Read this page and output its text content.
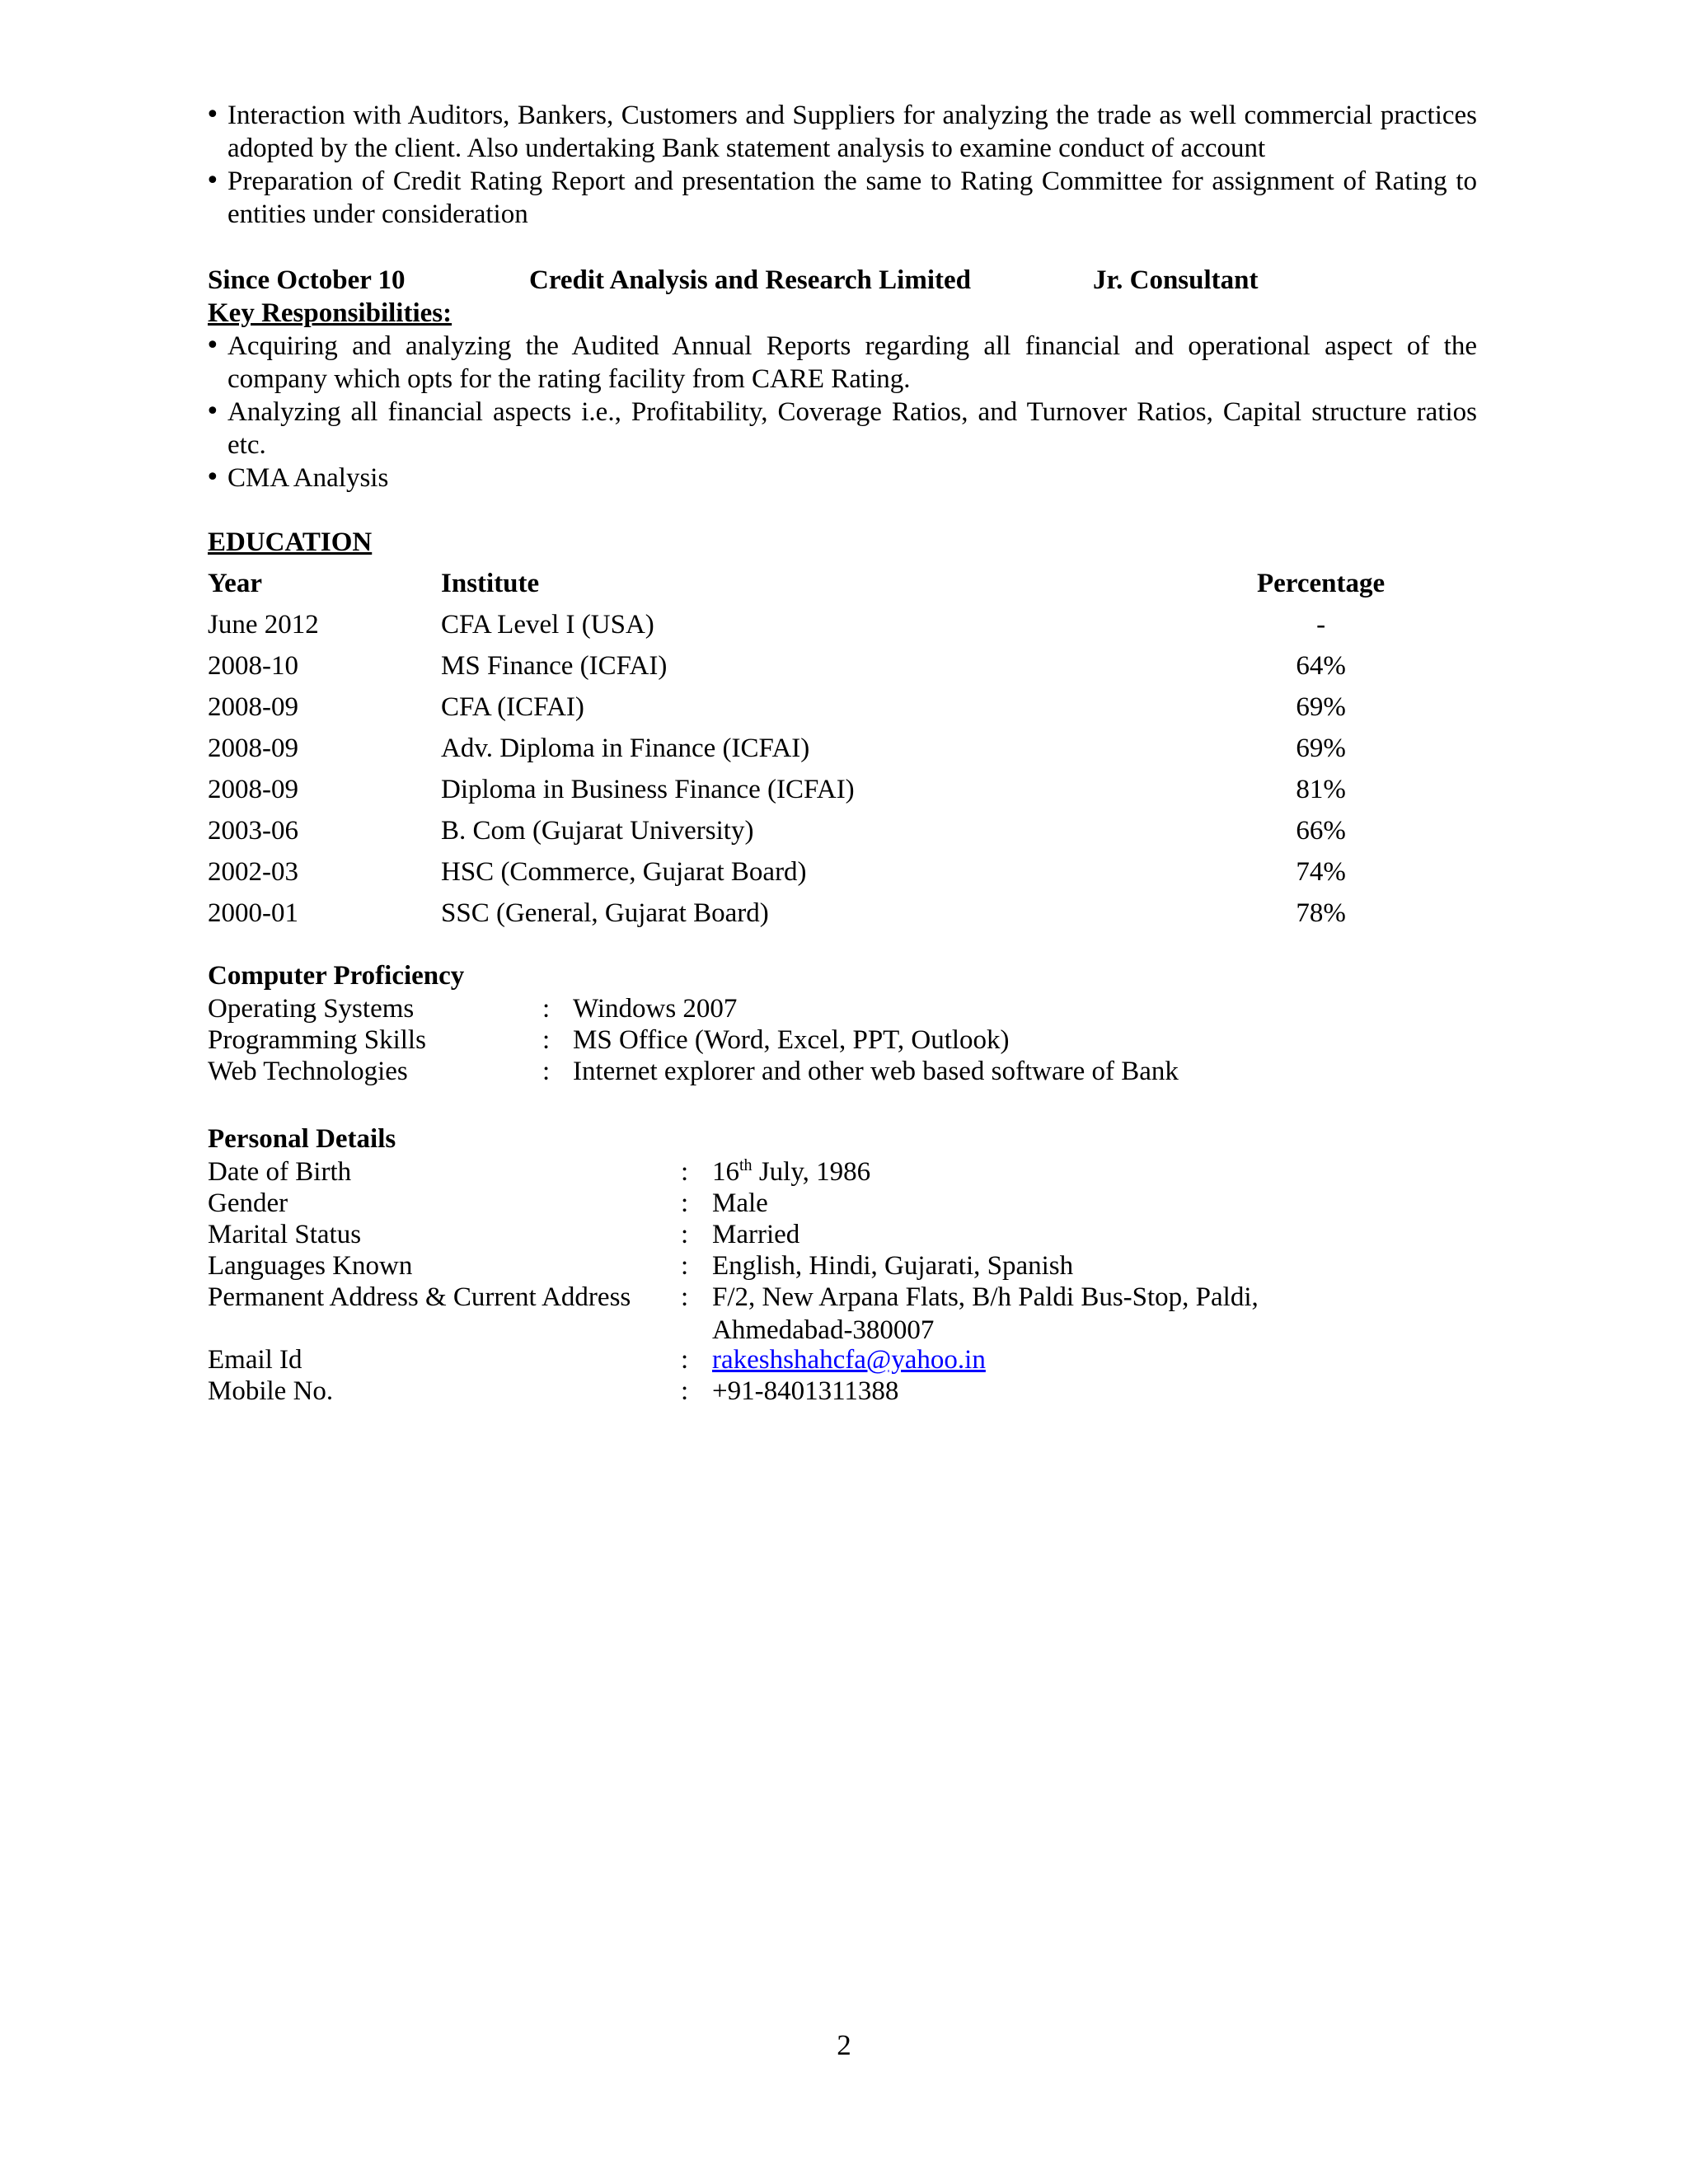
• Interaction with Auditors, Bankers, Customers and Suppliers for analyzing the trade as well commercial practices adopted by the client. Also undertaking Bank statement analysis to examine conduct of account
• Preparation of Credit Rating Report and presentation the same to Rating Committee for assignment of Rating to entities under consideration
Since October 10	Credit Analysis and Research Limited	Jr. Consultant
Key Responsibilities:
• Acquiring and analyzing the Audited Annual Reports regarding all financial and operational aspect of the company which opts for the rating facility from CARE Rating.
• Analyzing all financial aspects i.e., Profitability, Coverage Ratios, and Turnover Ratios, Capital structure ratios etc.
• CMA Analysis
EDUCATION
Year	Institute	Percentage
June 2012	CFA Level I (USA)	-
2008-10	MS Finance (ICFAI)	64%
2008-09	CFA (ICFAI)	69%
2008-09	Adv. Diploma in Finance (ICFAI)	69%
2008-09	Diploma in Business Finance (ICFAI)	81%
2003-06	B. Com (Gujarat University)	66%
2002-03	HSC (Commerce, Gujarat Board)	74%
2000-01	SSC (General, Gujarat Board)	78%
Computer Proficiency
Operating Systems	: Windows 2007
Programming Skills	: MS Office (Word, Excel, PPT, Outlook)
Web Technologies	: Internet explorer and other web based software of Bank
Personal Details
Date of Birth	: 16th July, 1986
Gender	: Male
Marital Status	: Married
Languages Known	: English, Hindi, Gujarati, Spanish
Permanent Address & Current Address : F/2, New Arpana Flats, B/h Paldi Bus-Stop, Paldi,
Ahmedabad-380007
Email Id	: rakeshshahcfa@yahoo.in
Mobile No.	: +91-8401311388
2
